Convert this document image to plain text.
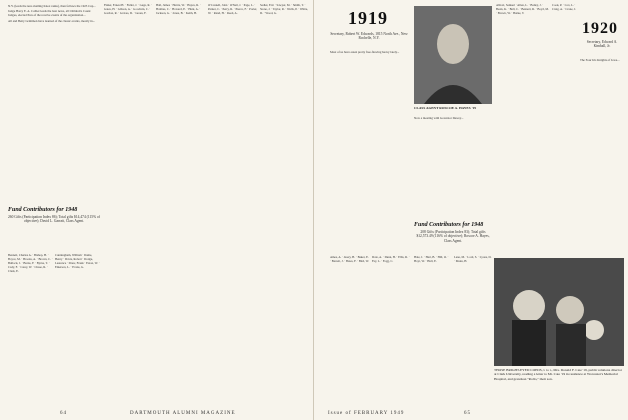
N.Y. (leads the new-mailing Knox ranks), then follows the 1923 Cup...

Judge Harry E. A. Collier leads the best news, all Children's Count Judges, elected Pres of the receive events of the organization...

All and Betty Grimmon have learned of the classic events, mostly in...

Fund Contributors for 1948
260 Gifts (Participation Index 86); Total gifts $14,474 (115% of objective); David L. Garratt, Class Agent.
Bennett, Charles A. · Bishop, H. · Boyce, M. · Brooks, A. · Brown, C. · Bullock, J. · Burns, F. · Byrne, T. · Cady, F. · Carey, W. · Chase, R. · Clark, E.
Cunningham, William · Dame, Henry · Davis, Robert · Dodge, Laurence · Drew, Frank · Eaton, W. · Emerson, L. · Evans, G.
Fisher, Ernest H. · Fuller, J. · Gage, R. · Gates, H. · Gibson, A. · Goodwin, C. · Gordon, R. · Graves, D. · Green, F.
Hall, James · Harris, W. · Hayes, R. · Holmes, C. · Howard, E. · Hunt, A. · Jackson, G. · Jones, B. · Keith, H.
O'Connell, John · O'Neil, J. · Page, L. · Parker, C. · Perry, R. · Pierce, F. · Porter, W. · Rand, H. · Reed, A.
Sadler, Eric · Sawyer, M. · Smith, T. · Stone, J. · Taylor, R. · Wells, P. · White, D. · Wood, G.
64	DARTMOUTH ALUMNI MAGAZINE
1919
Secretary, Robert W. Edwards, 1815 North Ave., New Rochelle, N.Y.

Most of us have eaten pretty free-flowing heavy lately...

CLASS AGENT ROSCOE A. HAYES '19

Now a meeting with Governor Dewey...

Fund Contributors for 1948
208 Gifts (Participation Index 83); Total gifts $12,573.49 (116% of objective); Roscoe A. Hayes, Class Agent.
Abbott, Samuel · Allen, L. · Bailey, J. · Beals, K. · Bell, C. · Bennett, R. · Boyd, M. · Brown, W. · Burke, T.
Cook, P. · Cox, L. · Craig, A. · Crane, J.
1920
Secretary, Edward A. Kimball, Jr.

The Four Iris Knights of Iowa...

THOSE BRIGHT-EYED COEDS, l. to r., Mrs. Donald F. Cate '19, public relations director at Clark University, reading a letter to Mr. Cate '19 in residence at Worcester's Memorial Hospital, and grandson "Rollo," their son.
Ames, A. · Avery, H. · Baker, E. · Barrett, J. · Bates, F. · Bird, W.
Dole, A. · Dunn, H. · Ellis, R. · Fay, L. · Fogg, C.
Hale, J. · Hart, B. · Hill, O. · Hoyt, W. · Hull, E.
Lane, M. · Lord, S. · Lyons, D. · Mann, H.
Issue of FEBRUARY 1949	65
